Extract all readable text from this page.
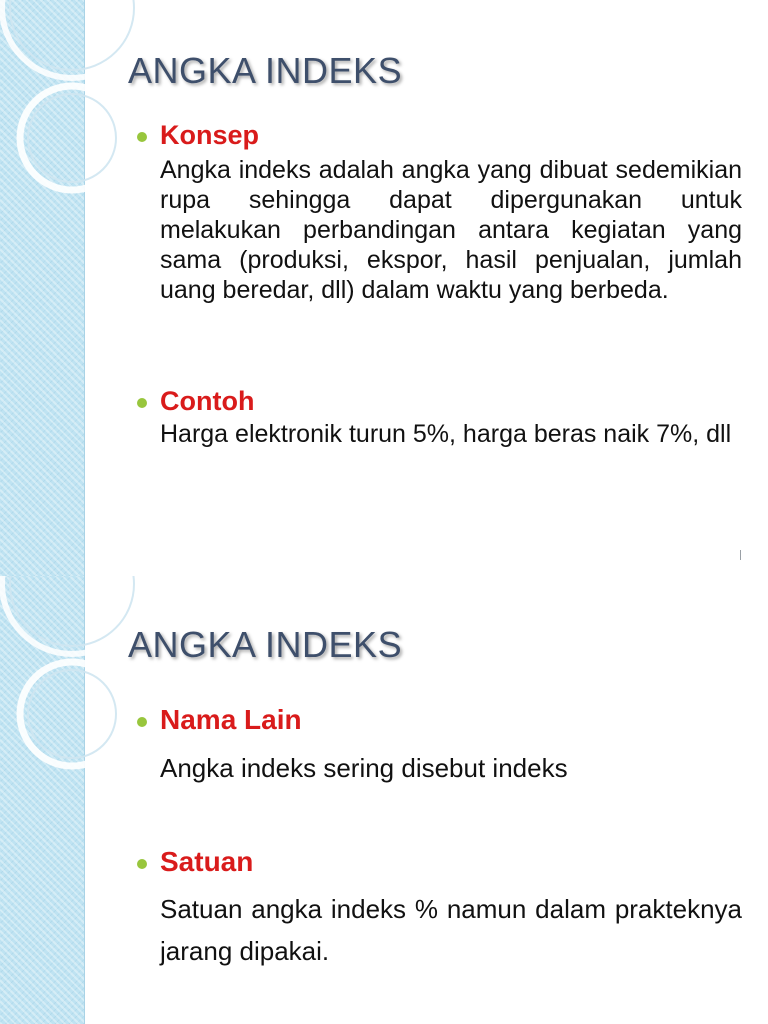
ANGKA INDEKS
Konsep
Angka indeks adalah angka yang dibuat sedemikian rupa sehingga dapat dipergunakan untuk melakukan perbandingan antara kegiatan yang sama (produksi, ekspor, hasil penjualan, jumlah uang beredar, dll) dalam waktu yang berbeda.
Contoh
Harga elektronik turun 5%, harga beras naik 7%, dll
ANGKA INDEKS
Nama Lain
Angka indeks sering disebut indeks
Satuan
Satuan angka indeks % namun dalam prakteknya jarang dipakai.
